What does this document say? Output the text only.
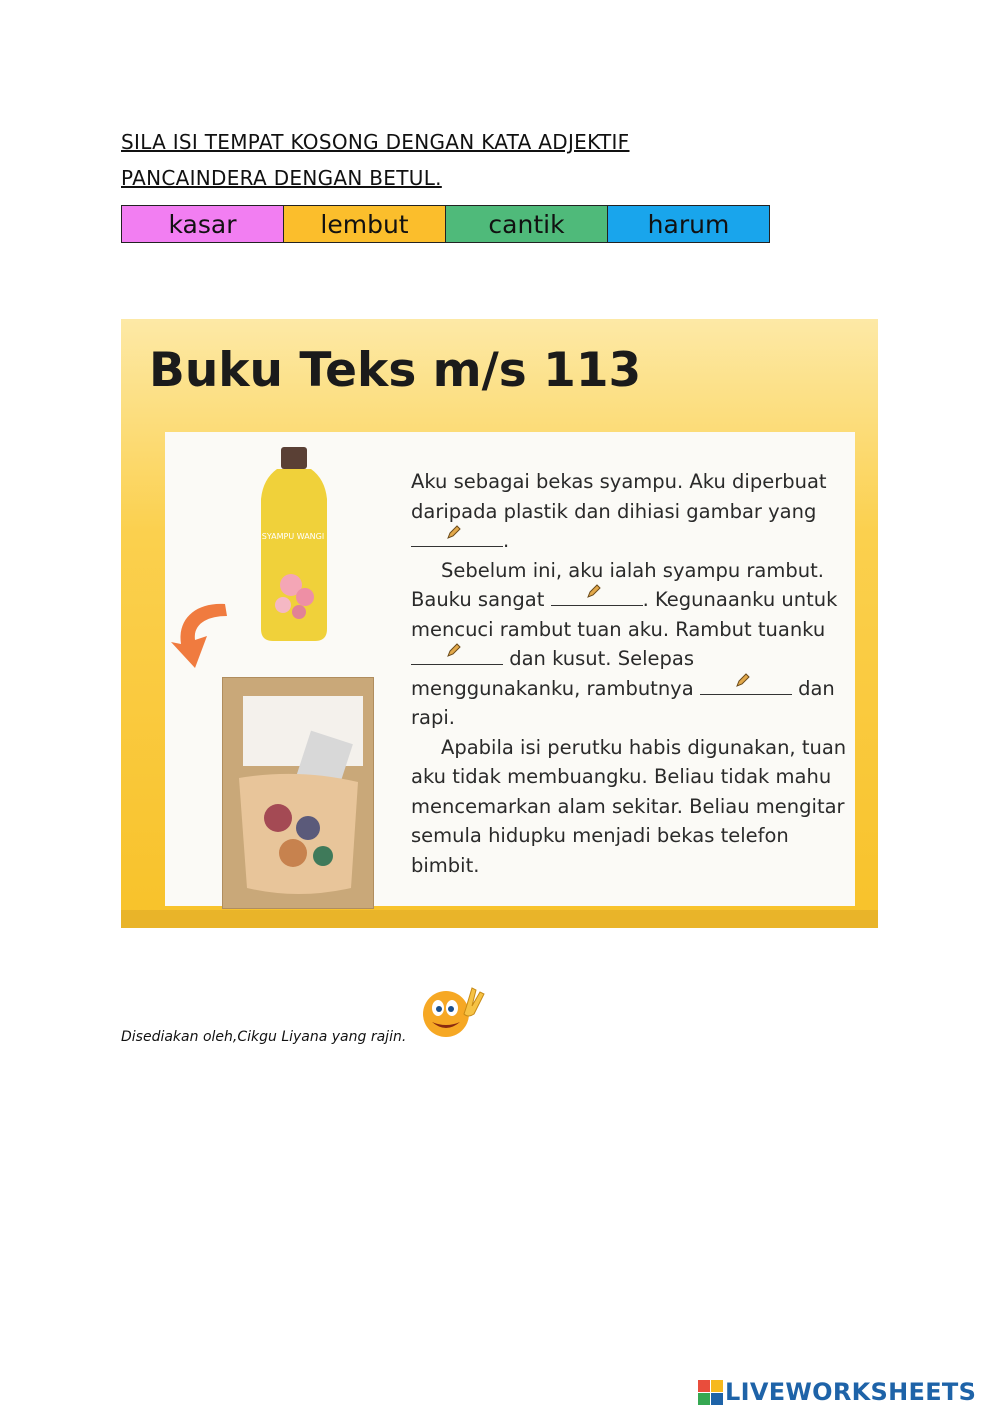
SILA ISI TEMPAT KOSONG DENGAN KATA ADJEKTIF
PANCAINDERA DENGAN BETUL.
kasar	lembut	cantik	harum
Buku Teks m/s 113
SYAMPU WANGI

Aku sebagai bekas syampu. Aku diperbuat daripada plastik dan dihiasi gambar yang
.

Sebelum ini, aku ialah syampu rambut. Bauku sangat	. Kegunaanku untuk mencuci rambut tuan aku. Rambut tuanku
dan kusut. Selepas menggunakanku, rambutnya	dan rapi.

Apabila isi perutku habis digunakan, tuan aku tidak membuangku. Beliau tidak mahu mencemarkan alam sekitar. Beliau mengitar semula hidupku menjadi bekas telefon bimbit.

Disediakan oleh,Cikgu Liyana yang rajin.
LIVEWORKSHEETS
